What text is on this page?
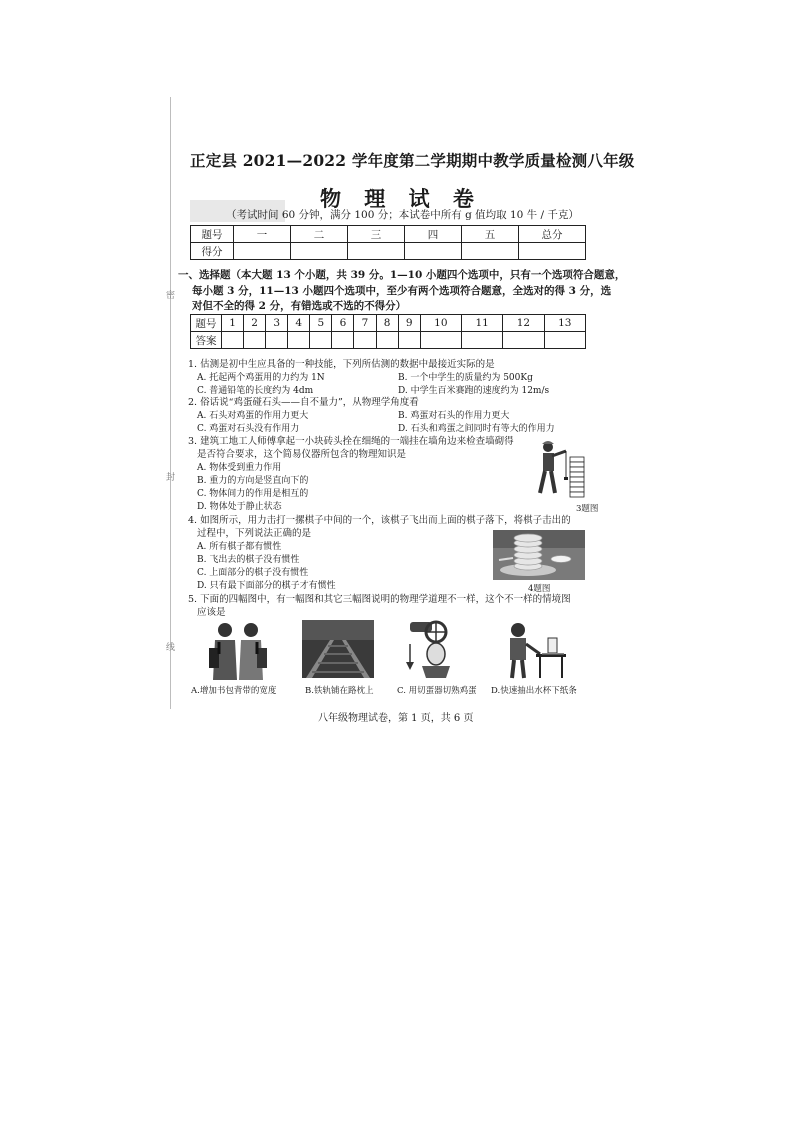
密
封
线
正定县 2021—2022 学年度第二学期期中教学质量检测八年级
物 理 试 卷
（考试时间 60 分钟，满分 100 分；本试卷中所有 g 值均取 10 牛 / 千克）
题号	一	二	三	四	五	总分
得分						
一、选择题（本大题 13 个小题，共 39 分。1—10 小题四个选项中，只有一个选项符合题意，
每小题 3 分，11—13 小题四个选项中，至少有两个选项符合题意，全选对的得 3 分，选
对但不全的得 2 分，有错选或不选的不得分）
题号	1	2	3	4	5	6	7	8	9	10	11	12	13
答案													
1. 估测是初中生应具备的一种技能，下列所估测的数据中最接近实际的是
A. 托起两个鸡蛋用的力约为 1N	B. 一个中学生的质量约为 500Kg
C. 普通铅笔的长度约为 4dm	D. 中学生百米赛跑的速度约为 12m/s
2. 俗话说“鸡蛋碰石头——自不量力”，从物理学角度看
A. 石头对鸡蛋的作用力更大	B. 鸡蛋对石头的作用力更大
C. 鸡蛋对石头没有作用力	D. 石头和鸡蛋之间同时有等大的作用力
3. 建筑工地工人师傅拿起一小块砖头拴在细绳的一端挂在墙角边来检查墙砌得
是否符合要求，这个简易仪器所包含的物理知识是
A. 物体受到重力作用
B. 重力的方向是竖直向下的
C. 物体间力的作用是相互的
D. 物体处于静止状态	3题图
4. 如图所示，用力击打一摞棋子中间的一个，该棋子飞出而上面的棋子落下，将棋子击出的
过程中，下列说法正确的是
A. 所有棋子都有惯性
B. 飞出去的棋子没有惯性
C. 上面部分的棋子没有惯性
D. 只有最下面部分的棋子才有惯性	4题图
5. 下面的四幅图中，有一幅图和其它三幅图说明的物理学道理不一样，这个不一样的情境图
应该是
A.增加书包背带的宽度	B.铁轨铺在路枕上	C. 用切蛋器切熟鸡蛋 D.快速抽出水杯下纸条
八年级物理试卷，第 1 页，共 6 页
